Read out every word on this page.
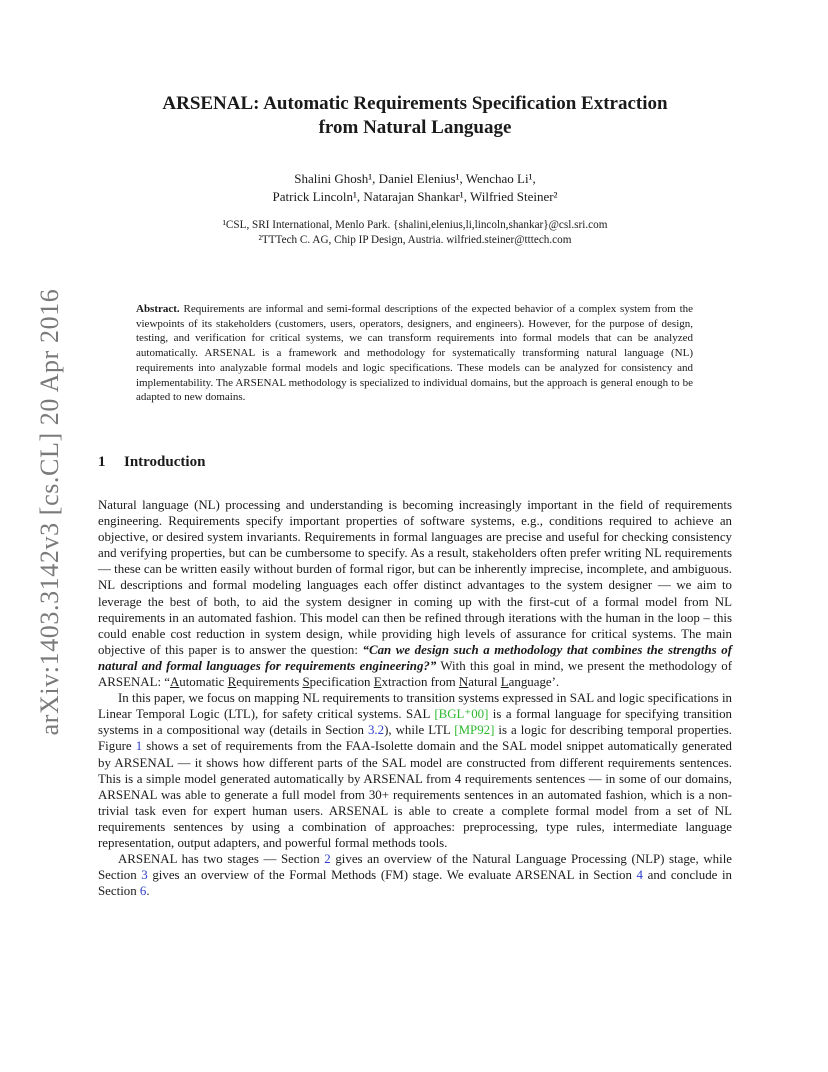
arXiv:1403.3142v3 [cs.CL] 20 Apr 2016
ARSENAL: Automatic Requirements Specification Extraction
from Natural Language
Shalini Ghosh¹, Daniel Elenius¹, Wenchao Li¹,
Patrick Lincoln¹, Natarajan Shankar¹, Wilfried Steiner²
¹CSL, SRI International, Menlo Park. {shalini,elenius,li,lincoln,shankar}@csl.sri.com
²TTTech C. AG, Chip IP Design, Austria. wilfried.steiner@tttech.com
Abstract. Requirements are informal and semi-formal descriptions of the expected behavior of a complex system from the viewpoints of its stakeholders (customers, users, operators, designers, and engineers). However, for the purpose of design, testing, and verification for critical systems, we can transform requirements into formal models that can be analyzed automatically. ARSENAL is a framework and methodology for systematically transforming natural language (NL) requirements into analyzable formal models and logic specifications. These models can be analyzed for consistency and implementability. The ARSENAL methodology is specialized to individual domains, but the approach is general enough to be adapted to new domains.
1 Introduction

Natural language (NL) processing and understanding is becoming increasingly important in the field of requirements engineering. Requirements specify important properties of software systems, e.g., conditions required to achieve an objective, or desired system invariants. Requirements in formal languages are precise and useful for checking consistency and verifying properties, but can be cumbersome to specify. As a result, stakeholders often prefer writing NL requirements — these can be written easily without burden of formal rigor, but can be inherently imprecise, incomplete, and ambiguous. NL descriptions and formal modeling languages each offer distinct advantages to the system designer — we aim to leverage the best of both, to aid the system designer in coming up with the first-cut of a formal model from NL requirements in an automated fashion. This model can then be refined through iterations with the human in the loop – this could enable cost reduction in system design, while providing high levels of assurance for critical systems. The main objective of this paper is to answer the question: “Can we design such a methodology that combines the strengths of natural and formal languages for requirements engineering?” With this goal in mind, we present the methodology of ARSENAL: “Automatic Requirements Specification Extraction from Natural Language’.

In this paper, we focus on mapping NL requirements to transition systems expressed in SAL and logic specifications in Linear Temporal Logic (LTL), for safety critical systems. SAL [BGL⁺00] is a formal language for specifying transition systems in a compositional way (details in Section 3.2), while LTL [MP92] is a logic for describing temporal properties. Figure 1 shows a set of requirements from the FAA-Isolette domain and the SAL model snippet automatically generated by ARSENAL — it shows how different parts of the SAL model are constructed from different requirements sentences. This is a simple model generated automatically by ARSENAL from 4 requirements sentences — in some of our domains, ARSENAL was able to generate a full model from 30+ requirements sentences in an automated fashion, which is a non-trivial task even for expert human users. ARSENAL is able to create a complete formal model from a set of NL requirements sentences by using a combination of approaches: preprocessing, type rules, intermediate language representation, output adapters, and powerful formal methods tools.

ARSENAL has two stages — Section 2 gives an overview of the Natural Language Processing (NLP) stage, while Section 3 gives an overview of the Formal Methods (FM) stage. We evaluate ARSENAL in Section 4 and conclude in Section 6.
